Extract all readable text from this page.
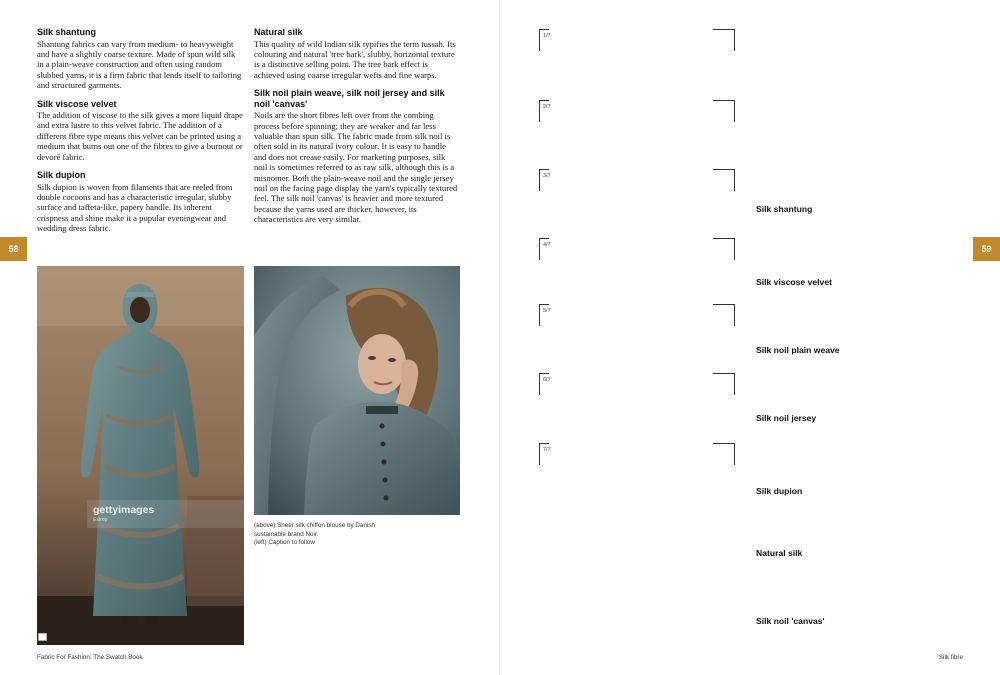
Silk shantung

Shantung fabrics can vary from medium- to heavyweight and have a slightly coarse texture. Made of spun wild silk in a plain-weave construction and often using random slubbed yarns, it is a firm fabric that lends itself to tailoring and structured garments.

Silk viscose velvet

The addition of viscose to the silk gives a more liquid drape and extra lustre to this velvet fabric. The addition of a different fibre type means this velvet can be printed using a medium that burns out one of the fibres to give a burnout or devoré fabric.

Silk dupion

Silk dupion is woven from filaments that are reeled from double cocoons and has a characteristic irregular, slubby surface and taffeta-like, papery handle. Its inherent crispness and shine make it a popular eveningwear and wedding dress fabric.

Natural silk

This quality of wild Indian silk typifies the term tussah. Its colouring and natural 'tree bark', slubby, horizontal texture is a distinctive selling point. The tree bark effect is achieved using coarse irregular wefts and fine warps.

Silk noil plain weave, silk noil jersey and silk noil 'canvas'

Noils are the short fibres left over from the combing process before spinning; they are weaker and far less valuable than spun silk. The fabric made from silk noil is often sold in its natural ivory colour. It is easy to handle and does not crease easily. For marketing purposes, silk noil is sometimes referred to as raw silk, although this is a misnomer. Both the plain-weave noil and the single jersey noil on the facing page display the yarn's typically textured feel. The silk noil 'canvas' is heavier and more textured because the yarns used are thicker, however, its characteristics are very similar.

58
gettyimages
Estrop
(above) Sheer silk chiffon blouse by Danish
sustainable brand Noir.
(left) Caption to follow
Fabric For Fashion: The Swatch Book
1/7
2/7
3/7
4/7
5/7
6/7
7/7
Silk shantung
Silk viscose velvet
Silk noil plain weave
Silk noil jersey
Silk dupion
Natural silk
Silk noil 'canvas'
59
Silk fibre
